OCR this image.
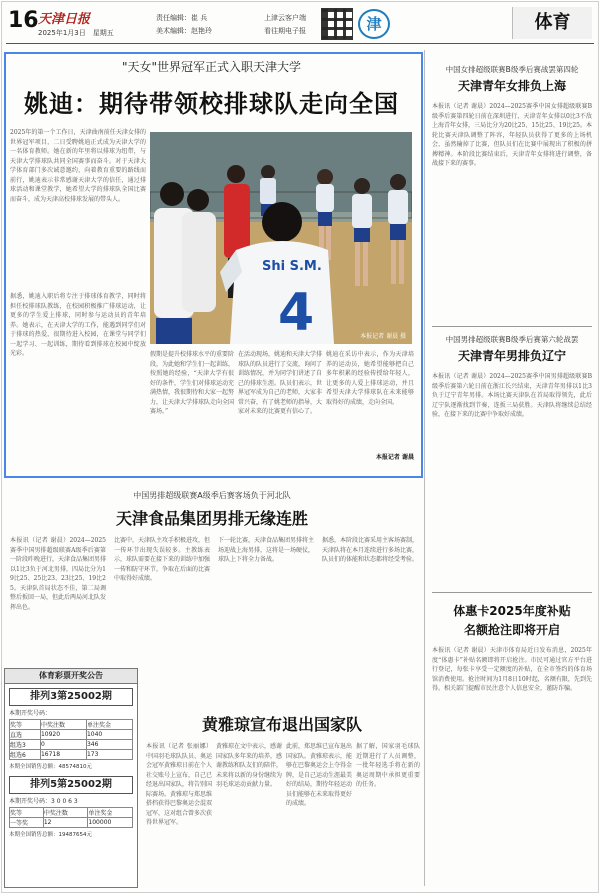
16 天津日报
2025年1月3日　星期五
责任编辑：崔 兵
美术编辑：赵艳玲
上津云客户端
看往期电子报	津	体育
"天女"世界冠军正式入职天津大学
姚迪：期待带领校排球队走向全国
2025年的第一个工作日，天津曲南前任天津女排的世界冠军项目，二日受聘姚迪正式成为天津大学的一名体育教师。她在新的年里将以排球为纽带，与天津大学排球队共同全国赛事而奋斗。对于天津大学体育部门多次诚意邀约，向着教育重要的路线而前行，姚迪表示非常感谢天津大学的信任，通过排球活动和课堂教学，她希望大学的排球队全国比赛而奋斗，成为天津高校排球发展的带头人。
据悉，姚迪入职后将专注于排球体育教学，同时将担任校排球队教练，在校园积极推广排球运动，让更多的学生爱上排球，同时参与运动员的青年培养。她表示，在天津大学的工作，能遇到同学们对于排球的热爱，很期待进入校园，在课堂与同学们一起学习、一起训练，期待看到排球在校园中绽放光彩。
Shi S.M.
4	本报记者 谢晨 摄
假期是提升校排球水平的重要阶段，为此她和学生们一起训练，按照她的经验，“天津大学有很好的条件，学生们对排球运动充满热情，我很期待和大家一起努力，让天津大学排球队走向全国赛场。”
在活动现场，姚迪和天津大学排球队的队员进行了交流，询问了训练情况，并为同学们讲述了自己的排球生涯。队员们表示，世界冠军成为自己的老师，大家非常兴奋，有了姚老师的指导，大家对未来的比赛更有信心了。
姚迪在采访中表示，作为天津培养的运动员，她希望能够把自己多年积累的经验传授给年轻人，让更多的人爱上排球运动，并且希望天津大学排球队在未来能够取得好的成绩，走向全国。
本报记者 谢晨
中国女排超级联赛B级季后赛战罢第四轮
天津青年女排负上海
本报讯（记者 谢晨）2024—2025赛季中国女排超级联赛B级季后赛第四轮日前在深圳进行，天津青年女排以0比3不敌上海青年女排，三局比分为20比25、15比25、19比25。本轮比赛天津队调整了阵容，年轻队员获得了更多的上场机会，虽然输掉了比赛，但队员们在比赛中展现出了积极的拼搏精神。本阶段比赛结束后，天津青年女排将进行调整，备战接下来的赛事。
中国男排超级联赛B级季后赛第六轮战罢
天津青年男排负辽宁
本报讯（记者 谢晨）2024—2025赛季中国男排超级联赛B级季后赛第六轮日前在浙江长兴结束，天津青年男排以1比3负于辽宁青年男排。本场比赛天津队在首局取得领先，此后辽宁队逐渐找到节奏，连扳三局获胜。天津队将继续总结经验，在接下来的比赛中争取好成绩。
体惠卡2025年度补贴
名额抢注即将开启
本报讯（记者 谢晨）天津市体育局近日发布消息，2025年度“体惠卡”补贴名额即将开启抢注。市民可通过官方平台进行登记，每张卡享受一定额度的补贴，在全市签约的体育场馆消费使用。抢注时间为1月8日10时起，名额有限，先到先得。相关部门提醒市民注意个人信息安全，谨防诈骗。
中国男排超级联赛A级季后赛客场负于河北队
天津食品集团男排无缘连胜
本报讯（记者 谢晨）2024—2025赛季中国男排超级联赛A级季后赛第一阶段昨晚进行，天津食品集团男排以1比3负于河北男排，四局比分为19比25、25比23、23比25、19比25。天津队首局状态不佳，第二局调整后扳回一局，但此后两局河北队发挥出色。
比赛中，天津队主攻手积极进攻，但一传环节出现失误较多。主教练表示，球队需要在接下来的训练中加强一传和防守环节，争取在后面的比赛中取得好成绩。
下一轮比赛，天津食品集团男排将主场迎战上海男排，这将是一场硬仗，球队上下将全力备战。
据悉，本阶段比赛采用主客场赛制，天津队将在本月连续进行多场比赛，队员们的体能和状态都将经受考验。
体育彩票开奖公告
排列3第25002期
本期开奖号码：
奖等	中奖注数	单注奖金
直选	10920	1040
组选3	0	346
组选6	16718	173
本期全国销售总额：48574810元
排列5第25002期
本期开奖号码：3 0 0 6 3
奖等	中奖注数	单注奖金
一等奖	12	100000
本期全国销售总额：19487654元
黄雅琼宣布退出国家队
本报讯（记者 张丽娜）中国羽毛球队队员、奥运会冠军黄雅琼日前在个人社交账号上宣布，自己已经退出国家队，将告别国际赛场。黄雅琼与郑思维搭档获得巴黎奥运会混双冠军，这对组合曾多次获得世界冠军。
黄雅琼在文中表示，感谢国家队多年来的培养，感谢教练和队友们的陪伴，未来将以新的身份继续为羽毛球运动贡献力量。
此前，郑思维已宣布退出国家队。黄雅琼表示，能够在巴黎奥运会上夺得金牌，是自己运动生涯最美好的结局，期待年轻运动员们能够在未来取得更好的成绩。
据了解，国家羽毛球队近期进行了人员调整，一批年轻选手将在新的奥运周期中承担更重要的任务。
